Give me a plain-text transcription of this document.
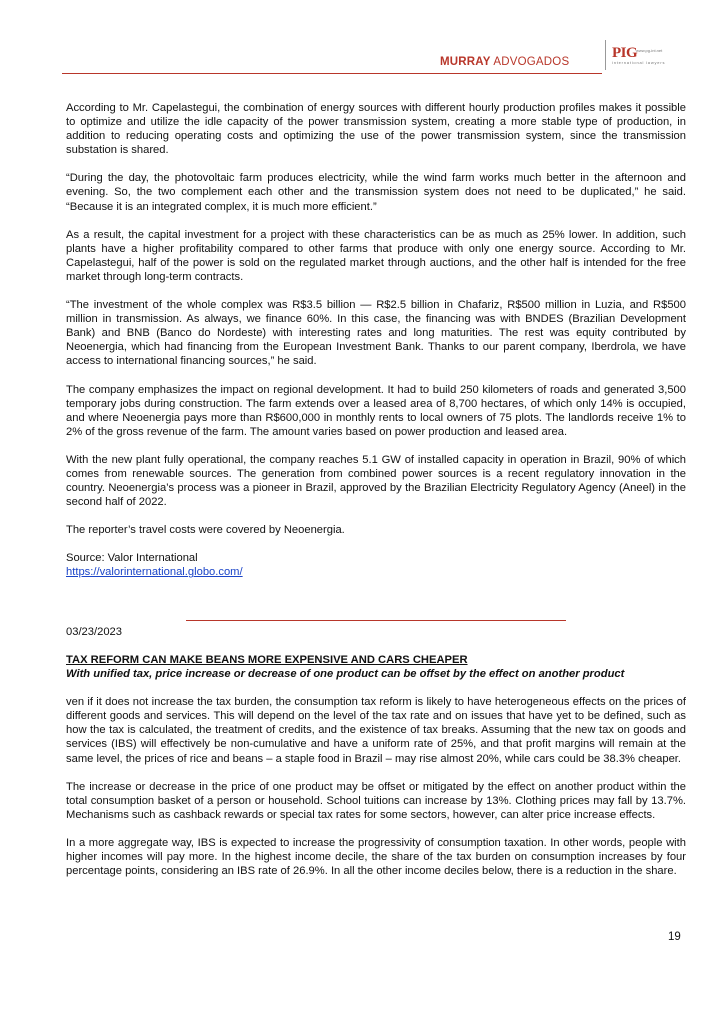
MURRAY ADVOGADOS
PIG
www.pg-int.net
international lawyers

According to Mr. Capelastegui, the combination of energy sources with different hourly production profiles makes it possible to optimize and utilize the idle capacity of the power transmission system, creating a more stable type of production, in addition to reducing operating costs and optimizing the use of the power transmission system, since the transmission substation is shared.

“During the day, the photovoltaic farm produces electricity, while the wind farm works much better in the afternoon and evening. So, the two complement each other and the transmission system does not need to be duplicated,” he said. “Because it is an integrated complex, it is much more efficient.”

As a result, the capital investment for a project with these characteristics can be as much as 25% lower. In addition, such plants have a higher profitability compared to other farms that produce with only one energy source. According to Mr. Capelastegui, half of the power is sold on the regulated market through auctions, and the other half is intended for the free market through long-term contracts.

“The investment of the whole complex was R$3.5 billion — R$2.5 billion in Chafariz, R$500 million in Luzia, and R$500 million in transmission. As always, we finance 60%. In this case, the financing was with BNDES (Brazilian Development Bank) and BNB (Banco do Nordeste) with interesting rates and long maturities. The rest was equity contributed by Neoenergia, which had financing from the European Investment Bank. Thanks to our parent company, Iberdrola, we have access to international financing sources,” he said.

The company emphasizes the impact on regional development. It had to build 250 kilometers of roads and generated 3,500 temporary jobs during construction. The farm extends over a leased area of 8,700 hectares, of which only 14% is occupied, and where Neoenergia pays more than R$600,000 in monthly rents to local owners of 75 plots. The landlords receive 1% to 2% of the gross revenue of the farm. The amount varies based on power production and leased area.

With the new plant fully operational, the company reaches 5.1 GW of installed capacity in operation in Brazil, 90% of which comes from renewable sources. The generation from combined power sources is a recent regulatory innovation in the country. Neoenergia’s process was a pioneer in Brazil, approved by the Brazilian Electricity Regulatory Agency (Aneel) in the second half of 2022.

The reporter’s travel costs were covered by Neoenergia.

Source: Valor International
https://valorinternational.globo.com/
03/23/2023
TAX REFORM CAN MAKE BEANS MORE EXPENSIVE AND CARS CHEAPER
With unified tax, price increase or decrease of one product can be offset by the effect on another product

ven if it does not increase the tax burden, the consumption tax reform is likely to have heterogeneous effects on the prices of different goods and services. This will depend on the level of the tax rate and on issues that have yet to be defined, such as how the tax is calculated, the treatment of credits, and the existence of tax breaks. Assuming that the new tax on goods and services (IBS) will effectively be non-cumulative and have a uniform rate of 25%, and that profit margins will remain at the same level, the prices of rice and beans – a staple food in Brazil – may rise almost 20%, while cars could be 38.3% cheaper.

The increase or decrease in the price of one product may be offset or mitigated by the effect on another product within the total consumption basket of a person or household. School tuitions can increase by 13%. Clothing prices may fall by 13.7%. Mechanisms such as cashback rewards or special tax rates for some sectors, however, can alter price increase effects.

In a more aggregate way, IBS is expected to increase the progressivity of consumption taxation. In other words, people with higher incomes will pay more. In the highest income decile, the share of the tax burden on consumption increases by four percentage points, considering an IBS rate of 26.9%. In all the other income deciles below, there is a reduction in the share.

19
